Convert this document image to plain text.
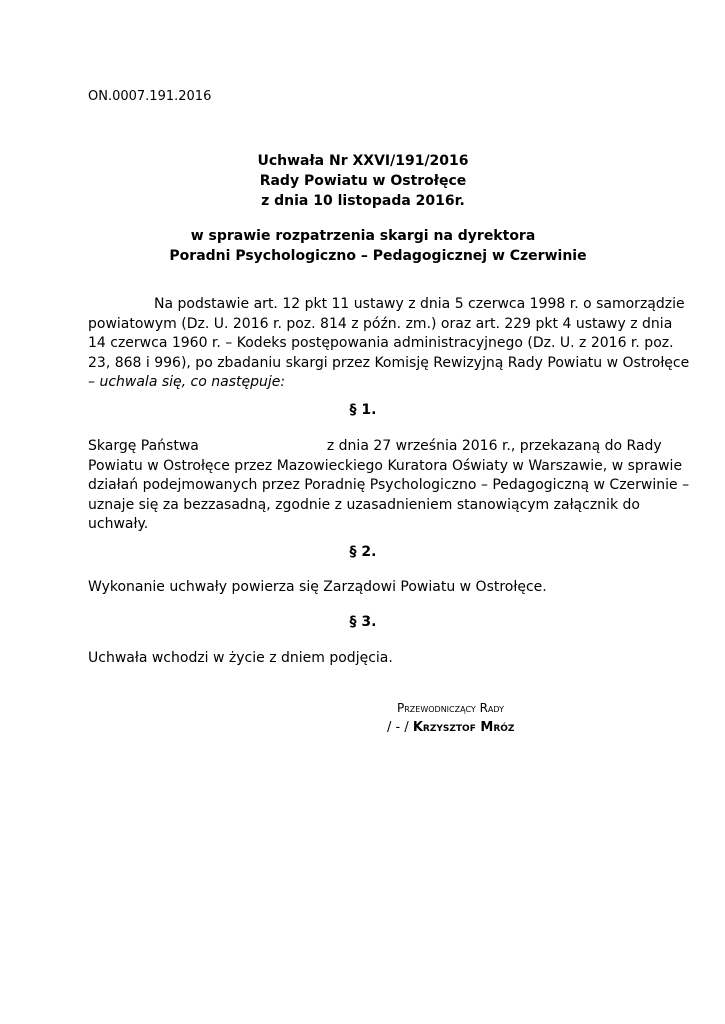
ON.0007.191.2016
Uchwała Nr XXVI/191/2016
Rady Powiatu w Ostrołęce
z dnia 10 listopada 2016r.
w sprawie rozpatrzenia skargi na dyrektora
Poradni Psychologiczno – Pedagogicznej w Czerwinie
Na podstawie art. 12 pkt 11 ustawy z dnia 5 czerwca 1998 r. o samorządzie
powiatowym (Dz. U. 2016 r. poz. 814 z późn. zm.) oraz art. 229 pkt 4 ustawy z dnia
14 czerwca 1960 r. – Kodeks postępowania administracyjnego (Dz. U. z 2016 r. poz.
23, 868 i 996), po zbadaniu skargi przez Komisję Rewizyjną Rady Powiatu w Ostrołęce
– uchwala się, co następuje:
§ 1.
Skargę Państwa	z dnia 27 września 2016 r., przekazaną do Rady
Powiatu w Ostrołęce przez Mazowieckiego Kuratora Oświaty w Warszawie, w sprawie
działań podejmowanych przez Poradnię Psychologiczno – Pedagogiczną w Czerwinie –
uznaje się za bezzasadną, zgodnie z uzasadnieniem stanowiącym załącznik do
uchwały.
§ 2.
Wykonanie uchwały powierza się Zarządowi Powiatu w Ostrołęce.
§ 3.
Uchwała wchodzi w życie z dniem podjęcia.
Przewodniczący Rady
/ - / Krzysztof Mróz
